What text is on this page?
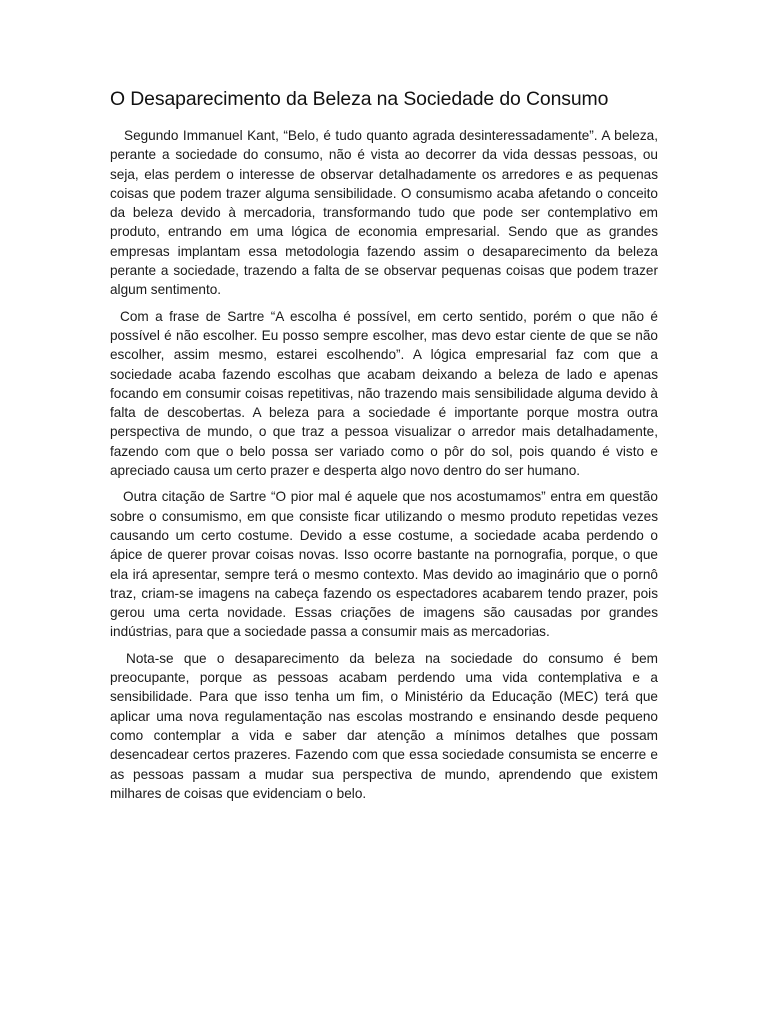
O Desaparecimento da Beleza na Sociedade do Consumo

Segundo Immanuel Kant, “Belo, é tudo quanto agrada desinteressadamente”. A beleza, perante a sociedade do consumo, não é vista ao decorrer da vida dessas pessoas, ou seja, elas perdem o interesse de observar detalhadamente os arredores e as pequenas coisas que podem trazer alguma sensibilidade. O consumismo acaba afetando o conceito da beleza devido à mercadoria, transformando tudo que pode ser contemplativo em produto, entrando em uma lógica de economia empresarial. Sendo que as grandes empresas implantam essa metodologia fazendo assim o desaparecimento da beleza perante a sociedade, trazendo a falta de se observar pequenas coisas que podem trazer algum sentimento.

Com a frase de Sartre “A escolha é possível, em certo sentido, porém o que não é possível é não escolher. Eu posso sempre escolher, mas devo estar ciente de que se não escolher, assim mesmo, estarei escolhendo”. A lógica empresarial faz com que a sociedade acaba fazendo escolhas que acabam deixando a beleza de lado e apenas focando em consumir coisas repetitivas, não trazendo mais sensibilidade alguma devido à falta de descobertas. A beleza para a sociedade é importante porque mostra outra perspectiva de mundo, o que traz a pessoa visualizar o arredor mais detalhadamente, fazendo com que o belo possa ser variado como o pôr do sol, pois quando é visto e apreciado causa um certo prazer e desperta algo novo dentro do ser humano.

Outra citação de Sartre “O pior mal é aquele que nos acostumamos” entra em questão sobre o consumismo, em que consiste ficar utilizando o mesmo produto repetidas vezes causando um certo costume. Devido a esse costume, a sociedade acaba perdendo o ápice de querer provar coisas novas. Isso ocorre bastante na pornografia, porque, o que ela irá apresentar, sempre terá o mesmo contexto. Mas devido ao imaginário que o pornô traz, criam-se imagens na cabeça fazendo os espectadores acabarem tendo prazer, pois gerou uma certa novidade. Essas criações de imagens são causadas por grandes indústrias, para que a sociedade passa a consumir mais as mercadorias.

Nota-se que o desaparecimento da beleza na sociedade do consumo é bem preocupante, porque as pessoas acabam perdendo uma vida contemplativa e a sensibilidade. Para que isso tenha um fim, o Ministério da Educação (MEC) terá que aplicar uma nova regulamentação nas escolas mostrando e ensinando desde pequeno como contemplar a vida e saber dar atenção a mínimos detalhes que possam desencadear certos prazeres. Fazendo com que essa sociedade consumista se encerre e as pessoas passam a mudar sua perspectiva de mundo, aprendendo que existem milhares de coisas que evidenciam o belo.
